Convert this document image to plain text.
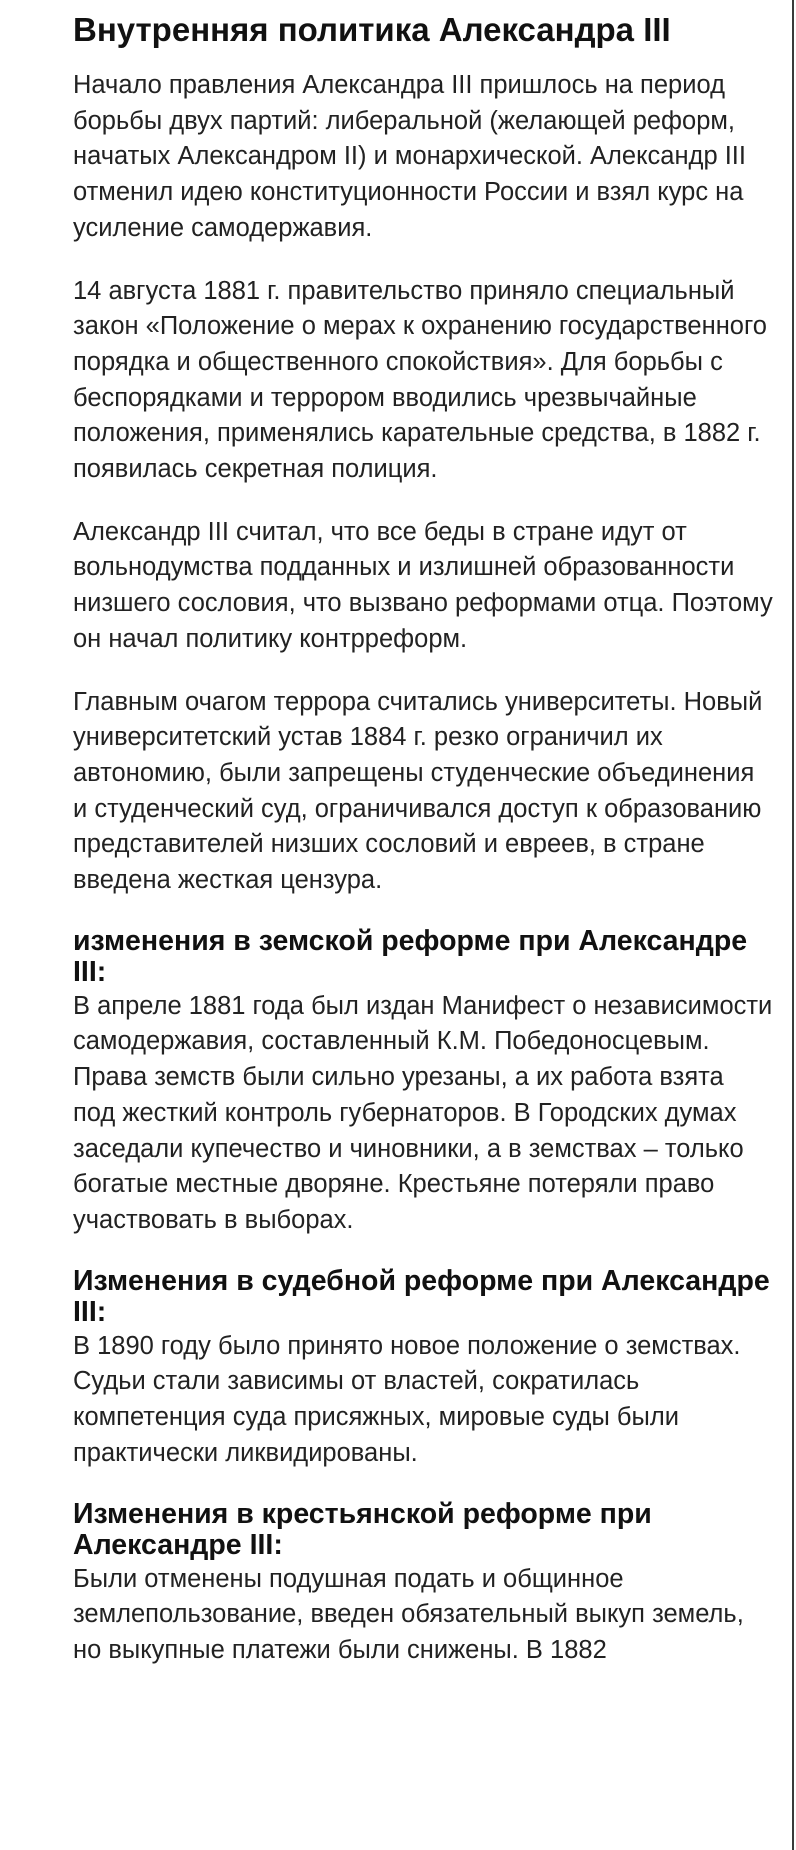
Внутренняя политика Александра III

Начало правления Александра III пришлось на период борьбы двух партий: либеральной (желающей реформ, начатых Александром II) и монархической. Александр III отменил идею конституционности России и взял курс на усиление самодержавия.

14 августа 1881 г. правительство приняло специальный закон «Положение о мерах к охранению государственного порядка и общественного спокойствия». Для борьбы с беспорядками и террором вводились чрезвычайные положения, применялись карательные средства, в 1882 г. появилась секретная полиция.

Александр III считал, что все беды в стране идут от вольнодумства подданных и излишней образованности низшего сословия, что вызвано реформами отца. Поэтому он начал политику контрреформ.

Главным очагом террора считались университеты. Новый университетский устав 1884 г. резко ограничил их автономию, были запрещены студенческие объединения и студенческий суд, ограничивался доступ к образованию представителей низших сословий и евреев, в стране введена жесткая цензура.

изменения в земской реформе при Александре III:

В апреле 1881 года был издан Манифест о независимости самодержавия, составленный К.М. Победоносцевым. Права земств были сильно урезаны, а их работа взята под жесткий контроль губернаторов. В Городских думах заседали купечество и чиновники, а в земствах – только богатые местные дворяне. Крестьяне потеряли право участвовать в выборах.

Изменения в судебной реформе при Александре III:

В 1890 году было принято новое положение о земствах. Судьи стали зависимы от властей, сократилась компетенция суда присяжных, мировые суды были практически ликвидированы.

Изменения в крестьянской реформе при Александре III:

Были отменены подушная подать и общинное землепользование, введен обязательный выкуп земель, но выкупные платежи были снижены. В 1882
